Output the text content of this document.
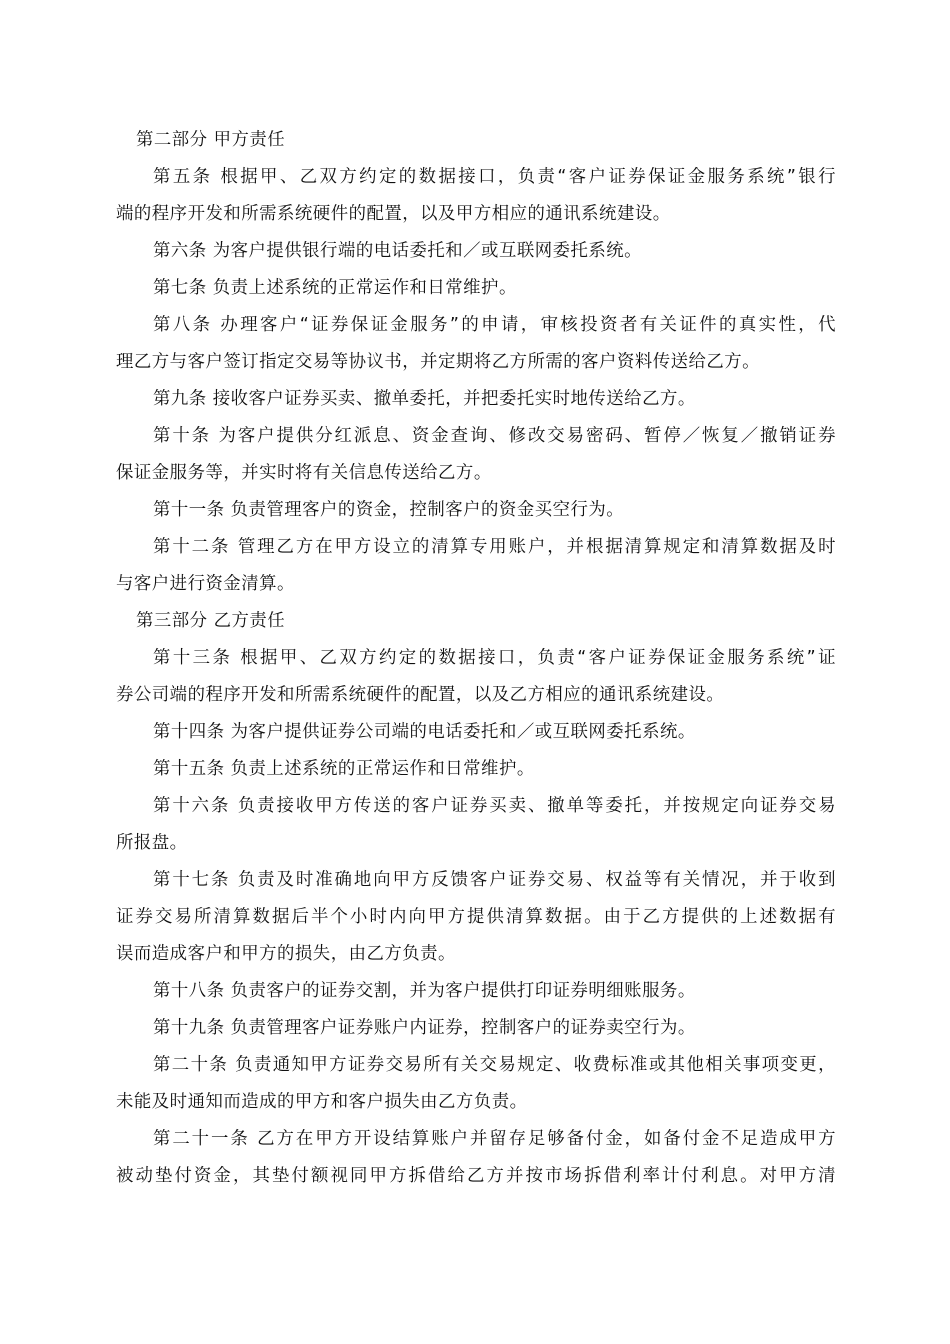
第二部分 甲方责任
第五条 根据甲、乙双方约定的数据接口，负责“客户证券保证金服务系统”银行
端的程序开发和所需系统硬件的配置，以及甲方相应的通讯系统建设。
第六条 为客户提供银行端的电话委托和／或互联网委托系统。
第七条 负责上述系统的正常运作和日常维护。
第八条 办理客户“证券保证金服务”的申请，审核投资者有关证件的真实性，代
理乙方与客户签订指定交易等协议书，并定期将乙方所需的客户资料传送给乙方。
第九条 接收客户证券买卖、撤单委托，并把委托实时地传送给乙方。
第十条 为客户提供分红派息、资金查询、修改交易密码、暂停／恢复／撤销证券
保证金服务等，并实时将有关信息传送给乙方。
第十一条 负责管理客户的资金，控制客户的资金买空行为。
第十二条 管理乙方在甲方设立的清算专用账户，并根据清算规定和清算数据及时
与客户进行资金清算。
第三部分 乙方责任
第十三条 根据甲、乙双方约定的数据接口，负责“客户证券保证金服务系统”证
券公司端的程序开发和所需系统硬件的配置，以及乙方相应的通讯系统建设。
第十四条 为客户提供证券公司端的电话委托和／或互联网委托系统。
第十五条 负责上述系统的正常运作和日常维护。
第十六条 负责接收甲方传送的客户证券买卖、撤单等委托，并按规定向证券交易
所报盘。
第十七条 负责及时准确地向甲方反馈客户证券交易、权益等有关情况，并于收到
证券交易所清算数据后半个小时内向甲方提供清算数据。由于乙方提供的上述数据有
误而造成客户和甲方的损失，由乙方负责。
第十八条 负责客户的证券交割，并为客户提供打印证券明细账服务。
第十九条 负责管理客户证券账户内证券，控制客户的证券卖空行为。
第二十条 负责通知甲方证券交易所有关交易规定、收费标准或其他相关事项变更，
未能及时通知而造成的甲方和客户损失由乙方负责。
第二十一条 乙方在甲方开设结算账户并留存足够备付金，如备付金不足造成甲方
被动垫付资金，其垫付额视同甲方拆借给乙方并按市场拆借利率计付利息。对甲方清
